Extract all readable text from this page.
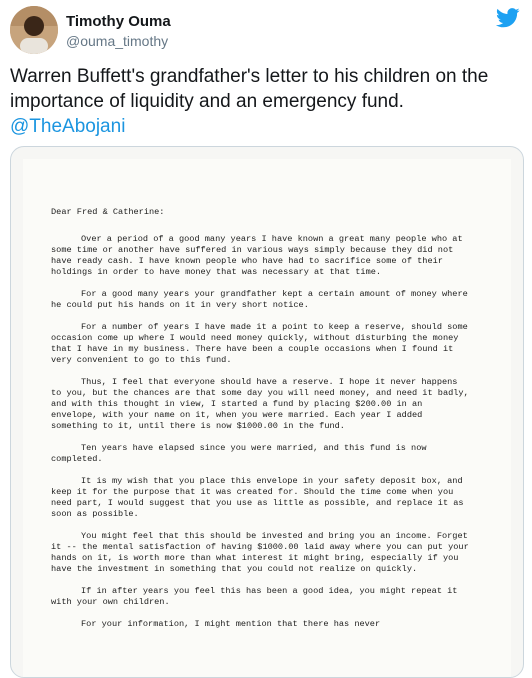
Timothy Ouma
@ouma_timothy
Warren Buffett's grandfather's letter to his children on the importance of liquidity and an emergency fund.
@TheAbojani

Dear Fred & Catherine:

Over a period of a good many years I have known a great many people who at some time or another have suffered in various ways simply because they did not have ready cash. I have known people who have had to sacrifice some of their holdings in order to have money that was necessary at that time.

For a good many years your grandfather kept a certain amount of money where he could put his hands on it in very short notice.

For a number of years I have made it a point to keep a reserve, should some occasion come up where I would need money quickly, without disturbing the money that I have in my business. There have been a couple occasions when I found it very convenient to go to this fund.

Thus, I feel that everyone should have a reserve. I hope it never happens to you, but the chances are that some day you will need money, and need it badly, and with this thought in view, I started a fund by placing $200.00 in an envelope, with your name on it, when you were married. Each year I added something to it, until there is now $1000.00 in the fund.

Ten years have elapsed since you were married, and this fund is now completed.

It is my wish that you place this envelope in your safety deposit box, and keep it for the purpose that it was created for. Should the time come when you need part, I would suggest that you use as little as possible, and replace it as soon as possible.

You might feel that this should be invested and bring you an income. Forget it -- the mental satisfaction of having $1000.00 laid away where you can put your hands on it, is worth more than what interest it might bring, especially if you have the investment in something that you could not realize on quickly.

If in after years you feel this has been a good idea, you might repeat it with your own children.

For your information, I might mention that there has never
